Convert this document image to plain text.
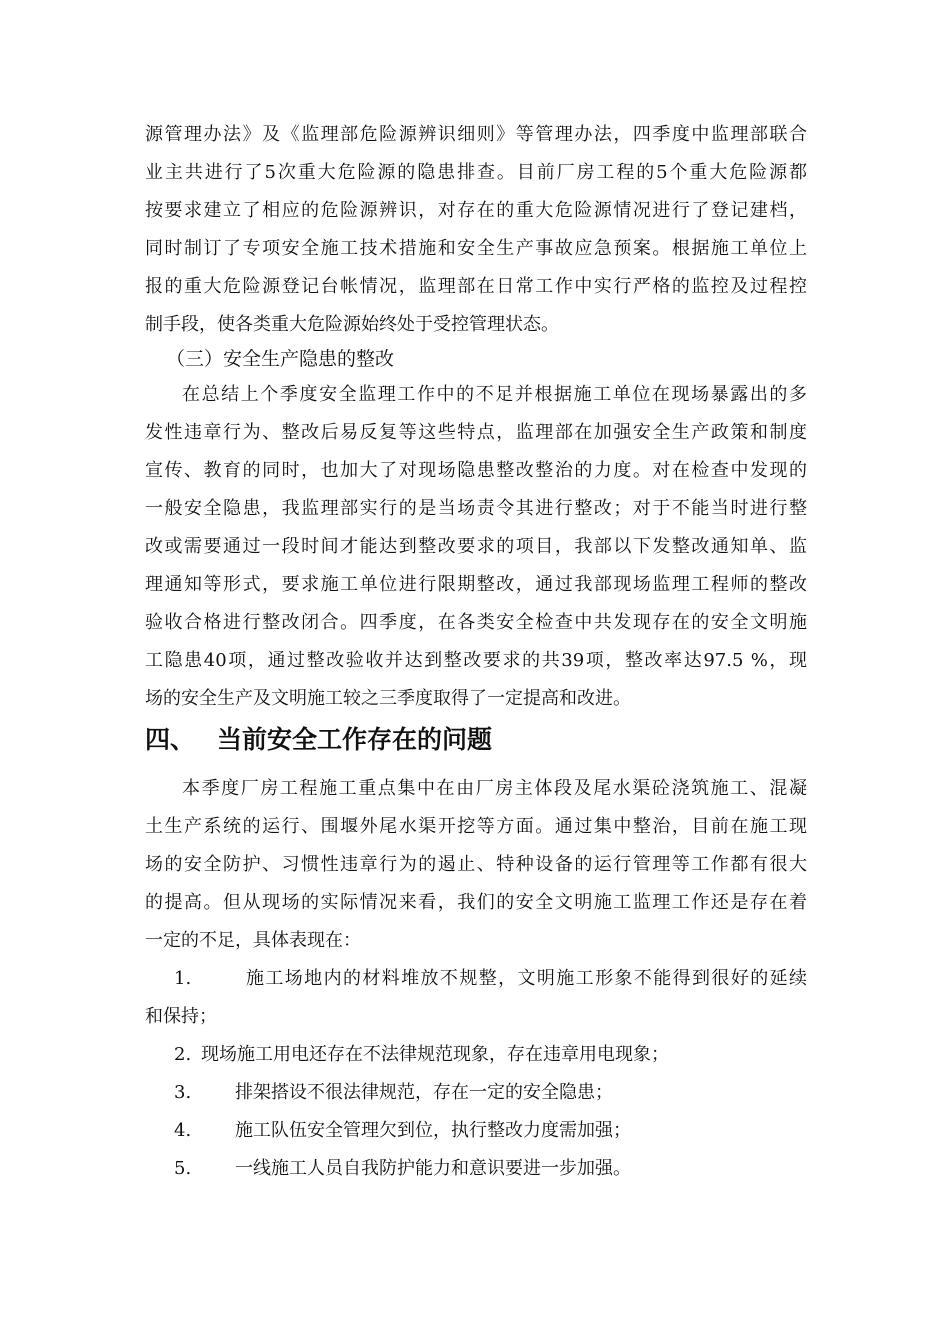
源管理办法》及《监理部危险源辨识细则》等管理办法，四季度中监理部联合
业主共进行了5次重大危险源的隐患排查。目前厂房工程的5个重大危险源都
按要求建立了相应的危险源辨识，对存在的重大危险源情况进行了登记建档，
同时制订了专项安全施工技术措施和安全生产事故应急预案。根据施工单位上
报的重大危险源登记台帐情况，监理部在日常工作中实行严格的监控及过程控
制手段，使各类重大危险源始终处于受控管理状态。
（三）安全生产隐患的整改
在总结上个季度安全监理工作中的不足并根据施工单位在现场暴露出的多
发性违章行为、整改后易反复等这些特点，监理部在加强安全生产政策和制度
宣传、教育的同时，也加大了对现场隐患整改整治的力度。对在检查中发现的
一般安全隐患，我监理部实行的是当场责令其进行整改；对于不能当时进行整
改或需要通过一段时间才能达到整改要求的项目，我部以下发整改通知单、监
理通知等形式，要求施工单位进行限期整改，通过我部现场监理工程师的整改
验收合格进行整改闭合。四季度，在各类安全检查中共发现存在的安全文明施
工隐患40项，通过整改验收并达到整改要求的共39项，整改率达97.5 %，现
场的安全生产及文明施工较之三季度取得了一定提高和改进。
四、 当前安全工作存在的问题
本季度厂房工程施工重点集中在由厂房主体段及尾水渠砼浇筑施工、混凝
土生产系统的运行、围堰外尾水渠开挖等方面。通过集中整治，目前在施工现
场的安全防护、习惯性违章行为的遏止、特种设备的运行管理等工作都有很大
的提高。但从现场的实际情况来看，我们的安全文明施工监理工作还是存在着
一定的不足，具体表现在：
1.	施工场地内的材料堆放不规整，文明施工形象不能得到很好的延续
和保持；
2. 现场施工用电还存在不法律规范现象，存在违章用电现象；
3.	排架搭设不很法律规范，存在一定的安全隐患；
4.	施工队伍安全管理欠到位，执行整改力度需加强；
5.	一线施工人员自我防护能力和意识要进一步加强。
